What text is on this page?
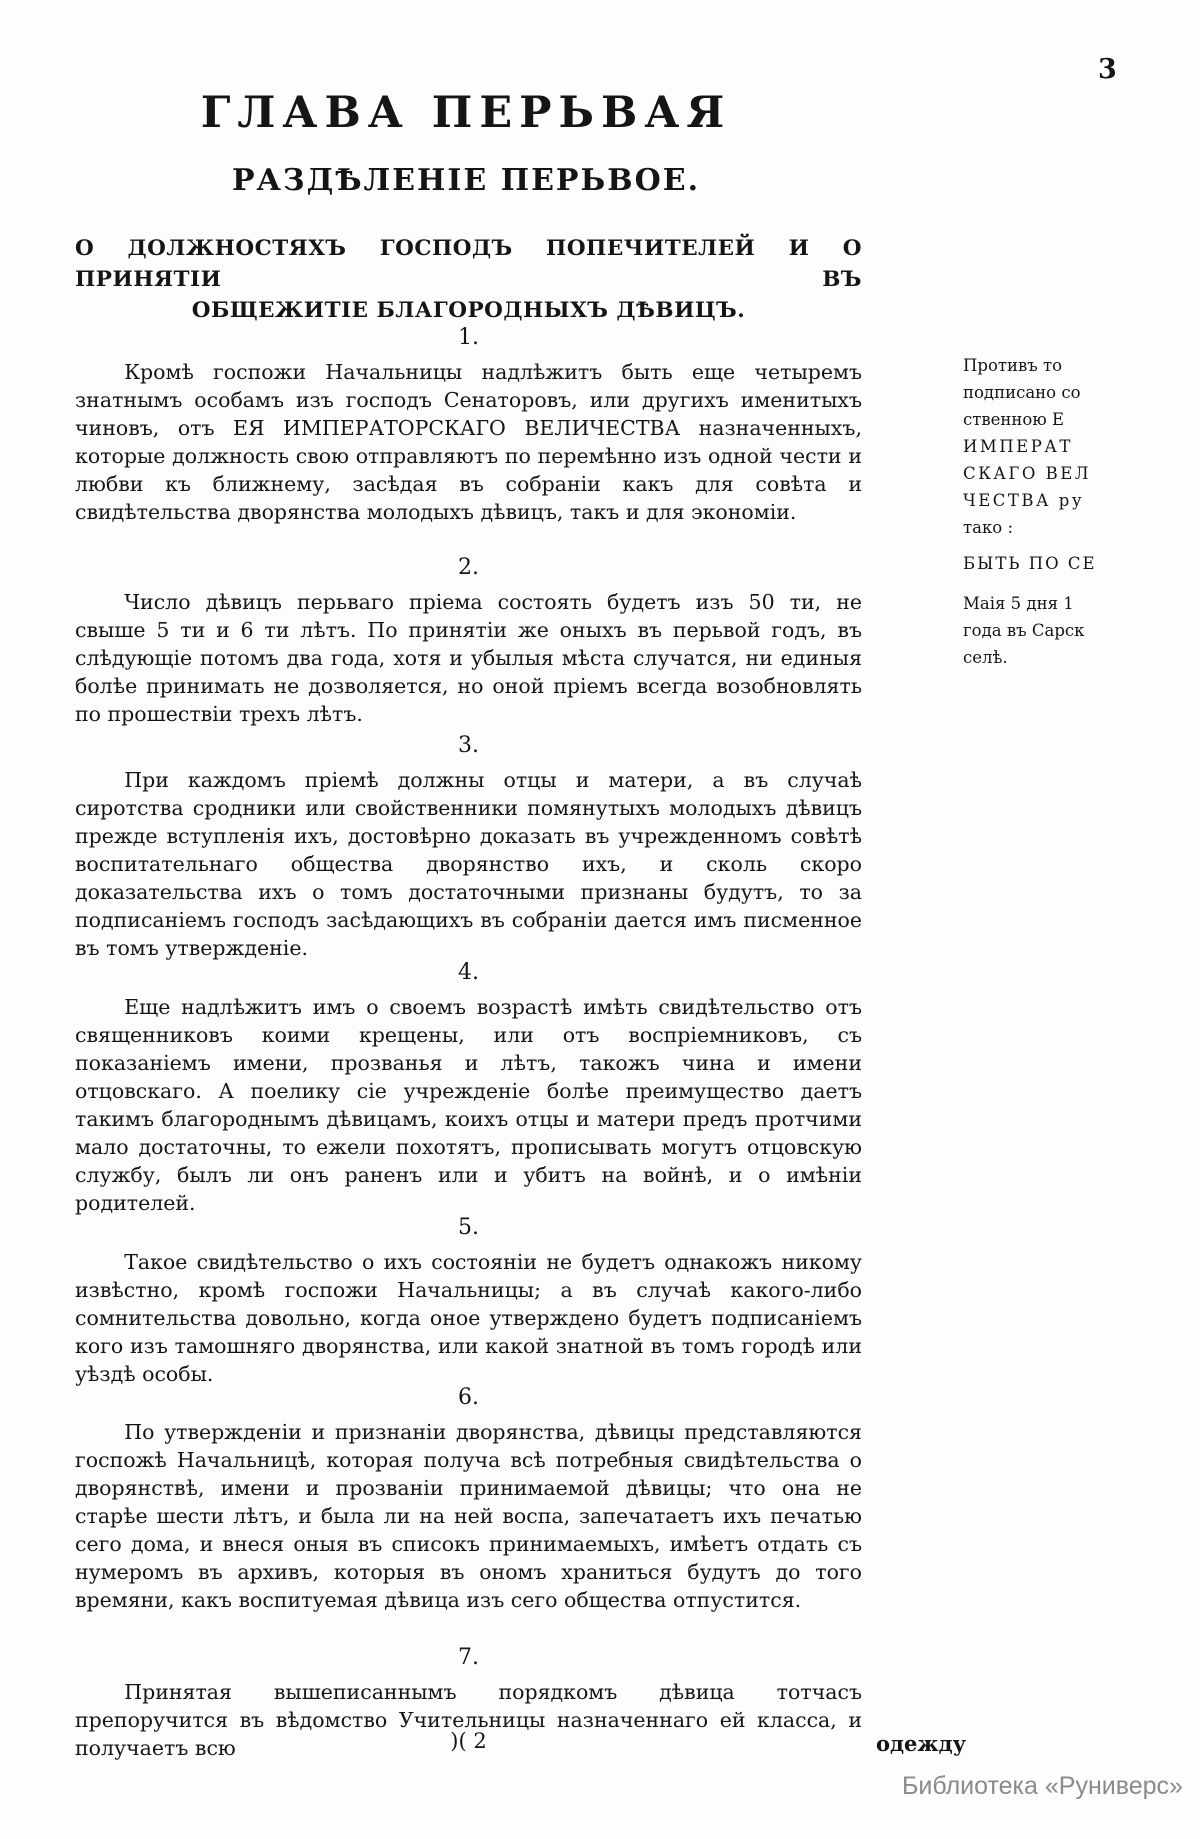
3
ГЛАВА ПЕРЬВАЯ
РАЗДѢЛЕНІЕ ПЕРЬВОЕ.
О ДОЛЖНОСТЯХЪ ГОСПОДЪ ПОПЕЧИТЕЛЕЙ И О ПРИНЯТІИ ВЪ
ОБЩЕЖИТІЕ БЛАГОРОДНЫХЪ ДѢВИЦЪ.
1.

Кромѣ госпожи Начальницы надлѣжитъ быть еще четыремъ знатнымъ особамъ изъ господъ Сенаторовъ, или другихъ именитыхъ чиновъ, отъ ЕЯ ИМПЕРАТОРСКАГО ВЕЛИЧЕСТВА назначенныхъ, которые должность свою отправляютъ по перемѣнно изъ одной чести и любви къ ближнему, засѣдая въ собраніи какъ для совѣта и свидѣтельства дворянства молодыхъ дѣвицъ, такъ и для экономіи.

2.

Число дѣвицъ перьваго пріема состоять будетъ изъ 50 ти, не свыше 5 ти и 6 ти лѣтъ. По принятіи же оныхъ въ перьвой годъ, въ слѣдующіе потомъ два года, хотя и убылыя мѣста случатся, ни единыя болѣе принимать не дозволяется, но оной пріемъ всегда возобновлять по прошествіи трехъ лѣтъ.

3.

При каждомъ пріемѣ должны отцы и матери, а въ случаѣ сиротства сродники или свойственники помянутыхъ молодыхъ дѣвицъ прежде вступленія ихъ, достовѣрно доказать въ учрежденномъ совѣтѣ воспитательнаго общества дворянство ихъ, и сколь скоро доказательства ихъ о томъ достаточными признаны будутъ, то за подписаніемъ господъ засѣдающихъ въ собраніи дается имъ писменное въ томъ утвержденіе.

4.

Еще надлѣжитъ имъ о своемъ возрастѣ имѣть свидѣтельство отъ священниковъ коими крещены, или отъ воспріемниковъ, съ показаніемъ имени, прозванья и лѣтъ, такожъ чина и имени отцовскаго. А поелику сіе учрежденіе болѣе преимущество даетъ такимъ благороднымъ дѣвицамъ, коихъ отцы и матери предъ протчими мало достаточны, то ежели похотятъ, прописывать могутъ отцовскую службу, былъ ли онъ раненъ или и убитъ на войнѣ, и о имѣніи родителей.

5.

Такое свидѣтельство о ихъ состояніи не будетъ однакожъ никому извѣстно, кромѣ госпожи Начальницы; а въ случаѣ какого-либо сомнительства довольно, когда оное утверждено будетъ подписаніемъ кого изъ тамошняго дворянства, или какой знатной въ томъ городѣ или уѣздѣ особы.

6.

По утвержденіи и признаніи дворянства, дѣвицы представляются госпожѣ Начальницѣ, которая получа всѣ потребныя свидѣтельства о дворянствѣ, имени и прозваніи принимаемой дѣвицы; что она не старѣе шести лѣтъ, и была ли на ней воспа, запечатаетъ ихъ печатью сего дома, и внеся оныя въ списокъ принимаемыхъ, имѣетъ отдать съ нумеромъ въ архивъ, которыя въ ономъ храниться будутъ до того времяни, какъ воспитуемая дѣвица изъ сего общества отпустится.

7.

Принятая вышеписаннымъ порядкомъ дѣвица тотчасъ препоручится въ вѣдомство Учительницы назначеннаго ей класса, и получаетъ всю

Противъ то
подписано со
ственною Е
ИМПЕРАТ
СКАГО ВЕЛ
ЧЕСТВА ру
тако :
БЫТЬ ПО СЕ
Маія 5 дня 1
года въ Сарск
селѣ.
)( 2	одежду
Библиотека «Руниверс»
